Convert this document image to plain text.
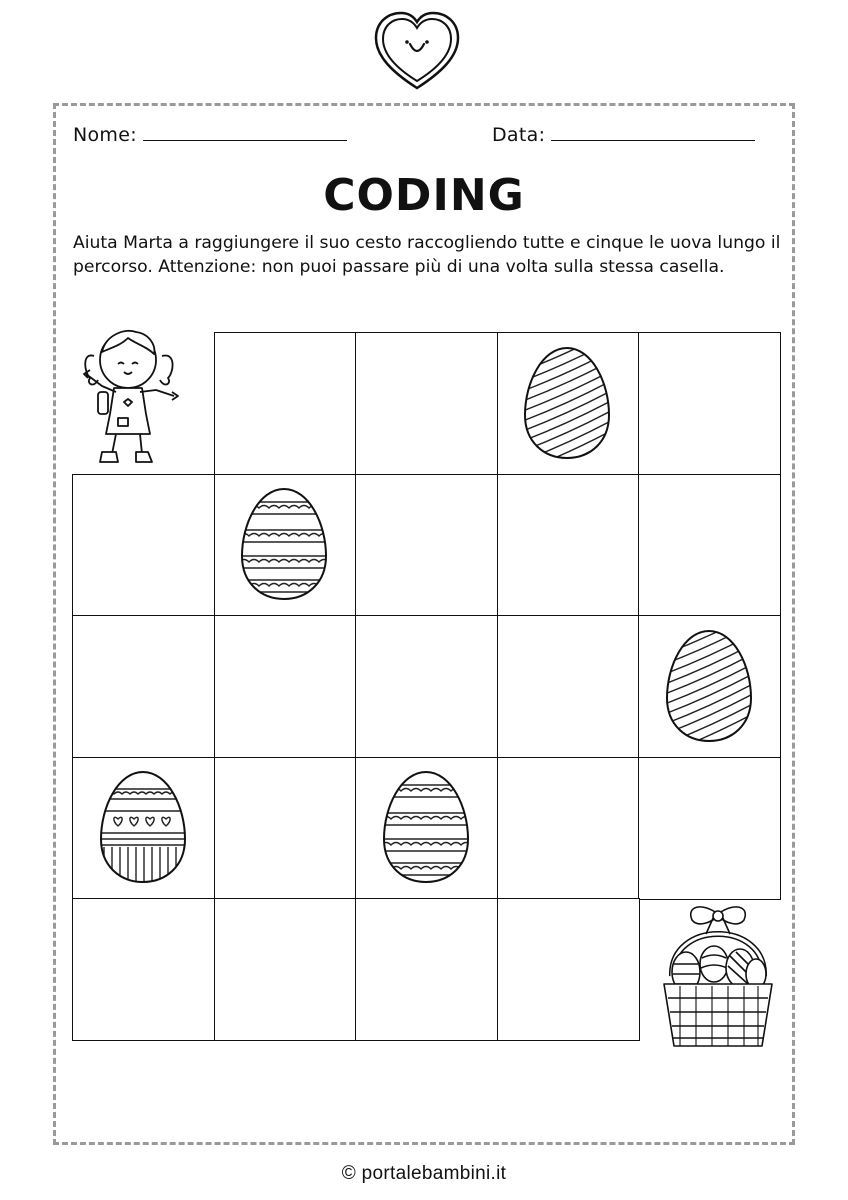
Nome:	Data:
CODING
Aiuta Marta a raggiungere il suo cesto raccogliendo tutte e cinque le uova lungo il percorso. Attenzione: non puoi passare più di una volta sulla stessa casella.
© portalebambini.it
